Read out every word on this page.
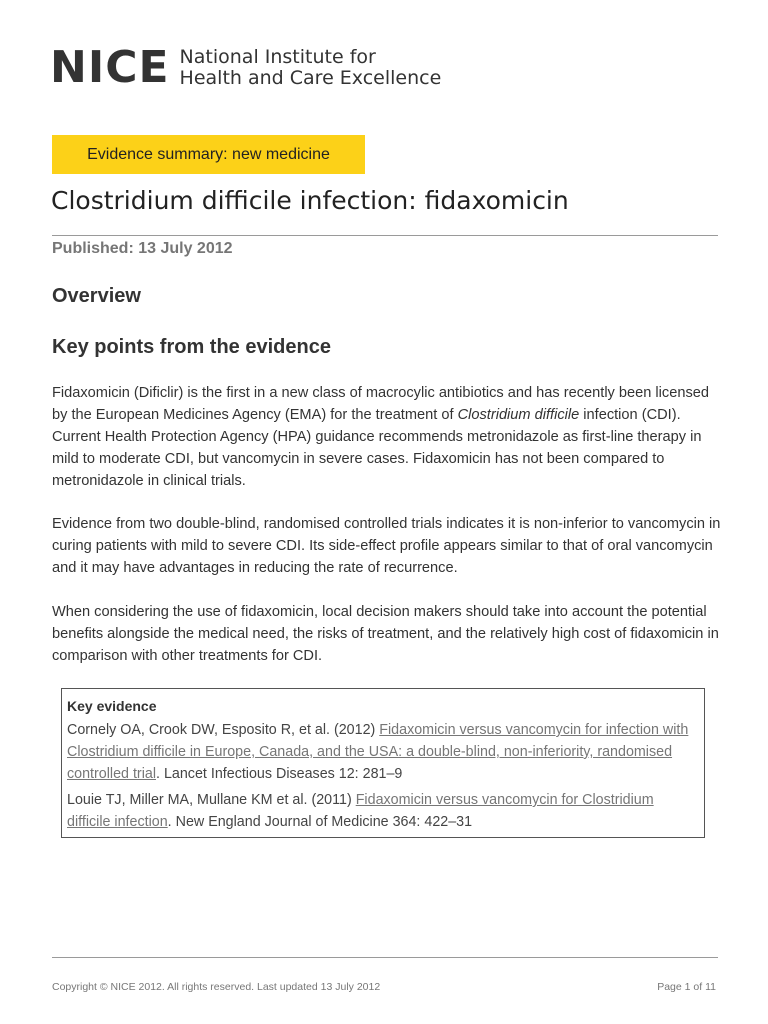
NICE National Institute for
Health and Care Excellence
Evidence summary: new medicine
Clostridium difficile infection: fidaxomicin
Published: 13 July 2012
Overview
Key points from the evidence

Fidaxomicin (Dificlir) is the first in a new class of macrocylic antibiotics and has recently been licensed by the European Medicines Agency (EMA) for the treatment of Clostridium difficile infection (CDI). Current Health Protection Agency (HPA) guidance recommends metronidazole as first-line therapy in mild to moderate CDI, but vancomycin in severe cases. Fidaxomicin has not been compared to metronidazole in clinical trials.

Evidence from two double-blind, randomised controlled trials indicates it is non-inferior to vancomycin in curing patients with mild to severe CDI. Its side-effect profile appears similar to that of oral vancomycin and it may have advantages in reducing the rate of recurrence.

When considering the use of fidaxomicin, local decision makers should take into account the potential benefits alongside the medical need, the risks of treatment, and the relatively high cost of fidaxomicin in comparison with other treatments for CDI.

Key evidence
Cornely OA, Crook DW, Esposito R, et al. (2012) Fidaxomicin versus vancomycin for infection with Clostridium difficile in Europe, Canada, and the USA: a double-blind, non-inferiority, randomised controlled trial. Lancet Infectious Diseases 12: 281–9
Louie TJ, Miller MA, Mullane KM et al. (2011) Fidaxomicin versus vancomycin for Clostridium difficile infection. New England Journal of Medicine 364: 422–31
Copyright © NICE 2012. All rights reserved. Last updated 13 July 2012	Page 1 of 11
